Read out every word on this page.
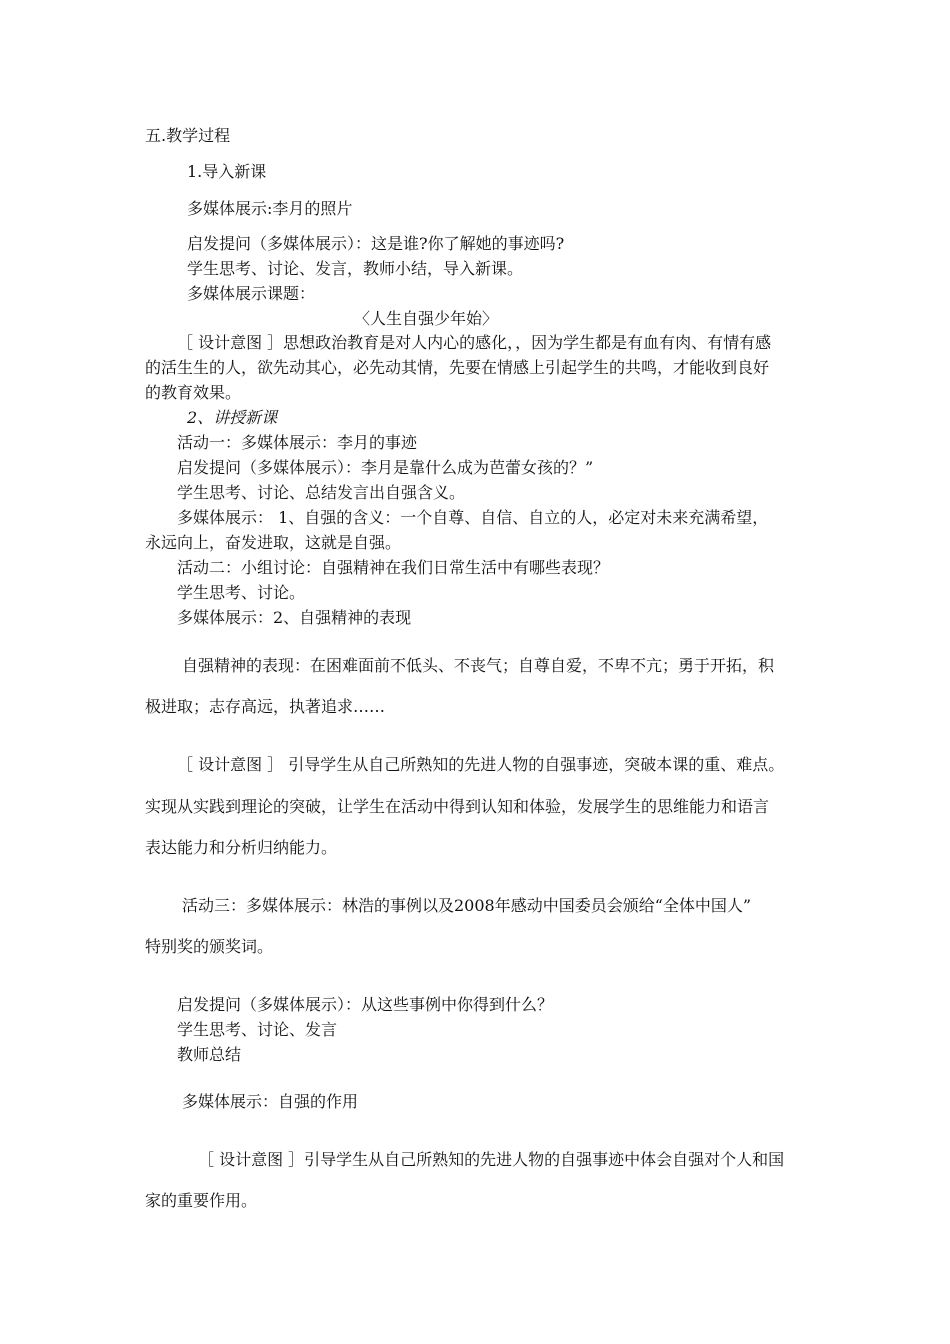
五.教学过程
1.导入新课
多媒体展示:李月的照片
启发提问（多媒体展示）：这是谁?你了解她的事迹吗?
学生思考、讨论、发言，教师小结，导入新课。
多媒体展示课题：
〈人生自强少年始〉
［ 设计意图 ］思想政治教育是对人内心的感化，，因为学生都是有血有肉、有情有感
的活生生的人，欲先动其心，必先动其情，先要在情感上引起学生的共鸣，才能收到良好
的教育效果。
2、讲授新课
活动一：多媒体展示：李月的事迹
启发提问（多媒体展示）：李月是靠什么成为芭蕾女孩的？”
学生思考、讨论、总结发言出自强含义。
多媒体展示： 1、自强的含义：一个自尊、自信、自立的人，必定对未来充满希望，
永远向上，奋发进取，这就是自强。
活动二：小组讨论：自强精神在我们日常生活中有哪些表现？
学生思考、讨论。
多媒体展示：2、自强精神的表现
自强精神的表现：在困难面前不低头、不丧气；自尊自爱，不卑不亢；勇于开拓，积
极进取；志存高远，执著追求……
［ 设计意图 ］ 引导学生从自己所熟知的先进人物的自强事迹，突破本课的重、难点。
实现从实践到理论的突破，让学生在活动中得到认知和体验，发展学生的思维能力和语言
表达能力和分析归纳能力。
活动三：多媒体展示：林浩的事例以及2008年感动中国委员会颁给“全体中国人”
特别奖的颁奖词。
启发提问（多媒体展示）：从这些事例中你得到什么？
学生思考、讨论、发言
教师总结
多媒体展示：自强的作用
［ 设计意图 ］引导学生从自己所熟知的先进人物的自强事迹中体会自强对个人和国
家的重要作用。
